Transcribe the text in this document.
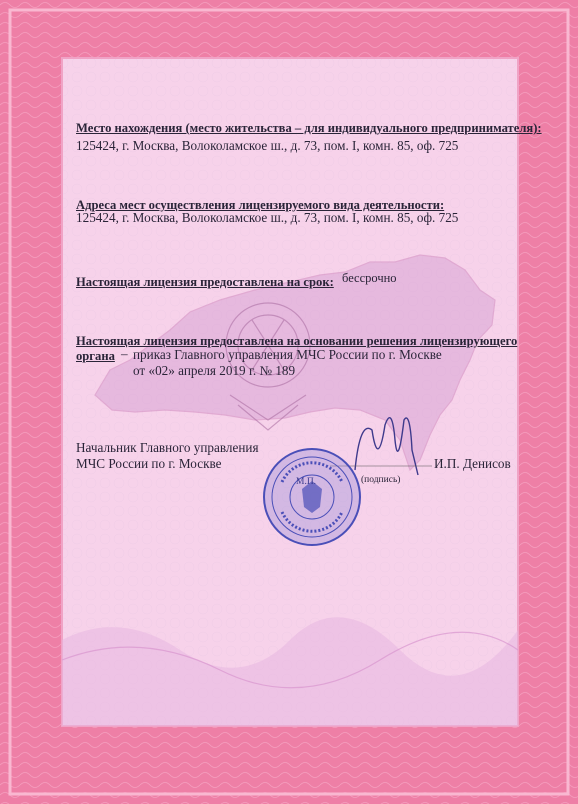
Место нахождения (место жительства – для индивидуального предпринимателя):
125424, г. Москва, Волоколамское ш., д. 73, пом. I, комн. 85, оф. 725
Адреса мест осуществления лицензируемого вида деятельности:
125424, г. Москва, Волоколамское ш., д. 73, пом. I, комн. 85, оф. 725
Настоящая лицензия предоставлена на срок: бессрочно
Настоящая лицензия предоставлена на основании решения лицензирующего
органа – приказ Главного управления МЧС России по г. Москве
от «02» апреля 2019 г. № 189
Начальник Главного управления
МЧС России по г. Москве	И.П. Денисов
(подпись)
М.П.
